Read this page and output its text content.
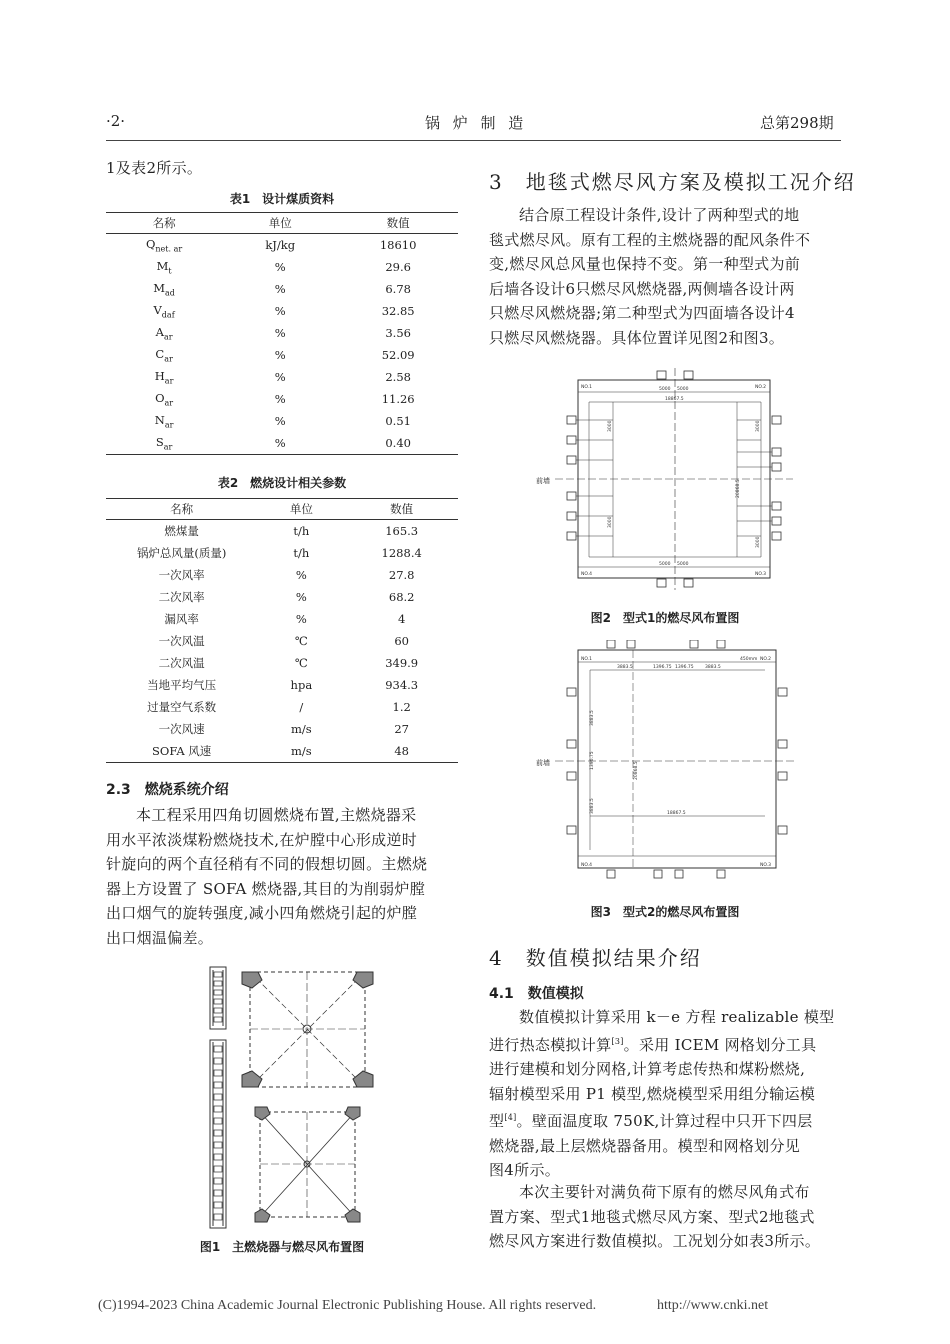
·2·	锅 炉 制 造	总第298期
1及表2所示。
表1　设计煤质资料
名称	单位	数值
$Q_{net. ar}$	kJ/kg	18610
$M_t$	%	29.6
$M_{ad}$	%	6.78
$V_{daf}$	%	32.85
$A_{ar}$	%	3.56
$C_{ar}$	%	52.09
$H_{ar}$	%	2.58
$O_{ar}$	%	11.26
$N_{ar}$	%	0.51
$S_{ar}$	%	0.40
表2　燃烧设计相关参数
名称	单位	数值
燃煤量	t/h	165.3
锅炉总风量(质量)	t/h	1288.4
一次风率	%	27.8
二次风率	%	68.2
漏风率	%	4
一次风温	℃	60
二次风温	℃	349.9
当地平均气压	hpa	934.3
过量空气系数	/	1.2
一次风速	m/s	27
SOFA 风速	m/s	48
2.3　燃烧系统介绍
本工程采用四角切圆燃烧布置,主燃烧器采
用水平浓淡煤粉燃烧技术,在炉膛中心形成逆时
针旋向的两个直径稍有不同的假想切圆。主燃烧
器上方设置了 SOFA 燃烧器,其目的为削弱炉膛
出口烟气的旋转强度,减小四角燃烧引起的炉膛
出口烟温偏差。
图1　主燃烧器与燃尽风布置图
3　地毯式燃尽风方案及模拟工况介绍
结合原工程设计条件,设计了两种型式的地
毯式燃尽风。原有工程的主燃烧器的配风条件不
变,燃尽风总风量也保持不变。第一种型式为前
后墙各设计6只燃尽风燃烧器,两侧墙各设计两
只燃尽风燃烧器;第二种型式为四面墙各设计4
只燃尽风燃烧器。具体位置详见图2和图3。
NO.1	NO.2
NO.3
NO.4
18867.5
5000 5000
5000 5000
20868.5
3000
3000
3000
3000
前墙
图2　型式1的燃尽风布置图
NO.1	NO.2
NO.3
NO.4
3883.5	1396.75 1396.75	3883.5
450mm
18867.5
20868.5
3883.5
1396.75
3883.5
前墙
图3　型式2的燃尽风布置图
4　数值模拟结果介绍
4.1　数值模拟
数值模拟计算采用 k－e 方程 realizable 模型
进行热态模拟计算[3]。采用 ICEM 网格划分工具
进行建模和划分网格,计算考虑传热和煤粉燃烧,
辐射模型采用 P1 模型,燃烧模型采用组分输运模
型[4]。壁面温度取 750K,计算过程中只开下四层
燃烧器,最上层燃烧器备用。模型和网格划分见
图4所示。
本次主要针对满负荷下原有的燃尽风角式布
置方案、型式1地毯式燃尽风方案、型式2地毯式
燃尽风方案进行数值模拟。工况划分如表3所示。
(C)1994-2023 China Academic Journal Electronic Publishing House. All rights reserved.	http://www.cnki.net
